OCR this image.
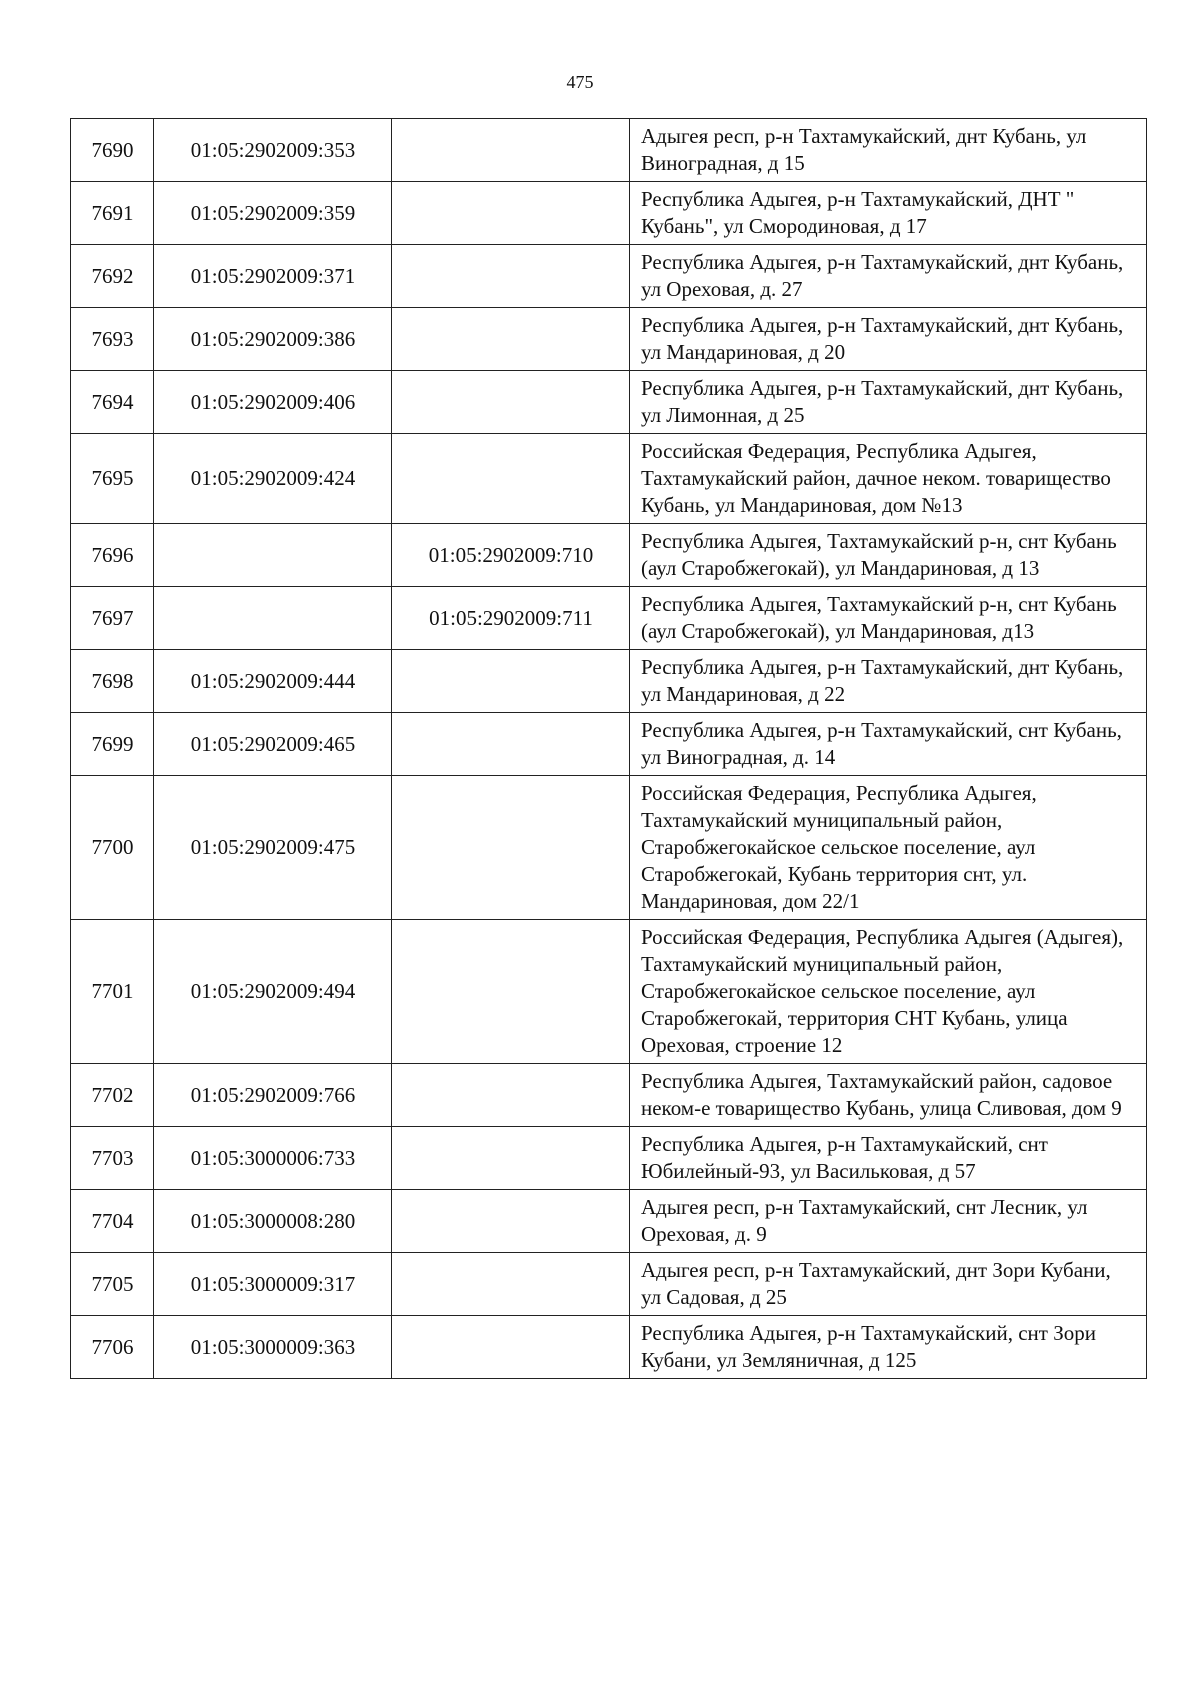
475
7690	01:05:2902009:353		Адыгея респ, р-н Тахтамукайский, днт Кубань, ул Виноградная, д 15
7691	01:05:2902009:359		Республика Адыгея, р-н Тахтамукайский, ДНТ " Кубань", ул Смородиновая, д 17
7692	01:05:2902009:371		Республика Адыгея, р-н Тахтамукайский, днт Кубань, ул Ореховая, д. 27
7693	01:05:2902009:386		Республика Адыгея, р-н Тахтамукайский, днт Кубань, ул Мандариновая, д 20
7694	01:05:2902009:406		Республика Адыгея, р-н Тахтамукайский, днт Кубань, ул Лимонная, д 25
7695	01:05:2902009:424		Российская Федерация, Республика Адыгея, Тахтамукайский район, дачное неком. товарищество Кубань, ул Мандариновая, дом №13
7696		01:05:2902009:710	Республика Адыгея, Тахтамукайский р-н, снт Кубань (аул Старобжегокай), ул Мандариновая, д 13
7697		01:05:2902009:711	Республика Адыгея, Тахтамукайский р-н, снт Кубань (аул Старобжегокай), ул Мандариновая, д13
7698	01:05:2902009:444		Республика Адыгея, р-н Тахтамукайский, днт Кубань, ул Мандариновая, д 22
7699	01:05:2902009:465		Республика Адыгея, р-н Тахтамукайский, снт Кубань, ул Виноградная, д. 14
7700	01:05:2902009:475		Российская Федерация, Республика Адыгея, Тахтамукайский муниципальный район, Старобжегокайское сельское поселение, аул Старобжегокай, Кубань территория снт, ул. Мандариновая, дом 22/1
7701	01:05:2902009:494		Российская Федерация, Республика Адыгея (Адыгея), Тахтамукайский муниципальный район, Старобжегокайское сельское поселение, аул Старобжегокай, территория СНТ Кубань, улица Ореховая, строение 12
7702	01:05:2902009:766		Республика Адыгея, Тахтамукайский район, садовое неком-е товарищество Кубань, улица Сливовая, дом 9
7703	01:05:3000006:733		Республика Адыгея, р-н Тахтамукайский, снт Юбилейный-93, ул Васильковая, д 57
7704	01:05:3000008:280		Адыгея респ, р-н Тахтамукайский, снт Лесник, ул Ореховая, д. 9
7705	01:05:3000009:317		Адыгея респ, р-н Тахтамукайский, днт Зори Кубани, ул Садовая, д 25
7706	01:05:3000009:363		Республика Адыгея, р-н Тахтамукайский, снт Зори Кубани, ул Земляничная, д 125
